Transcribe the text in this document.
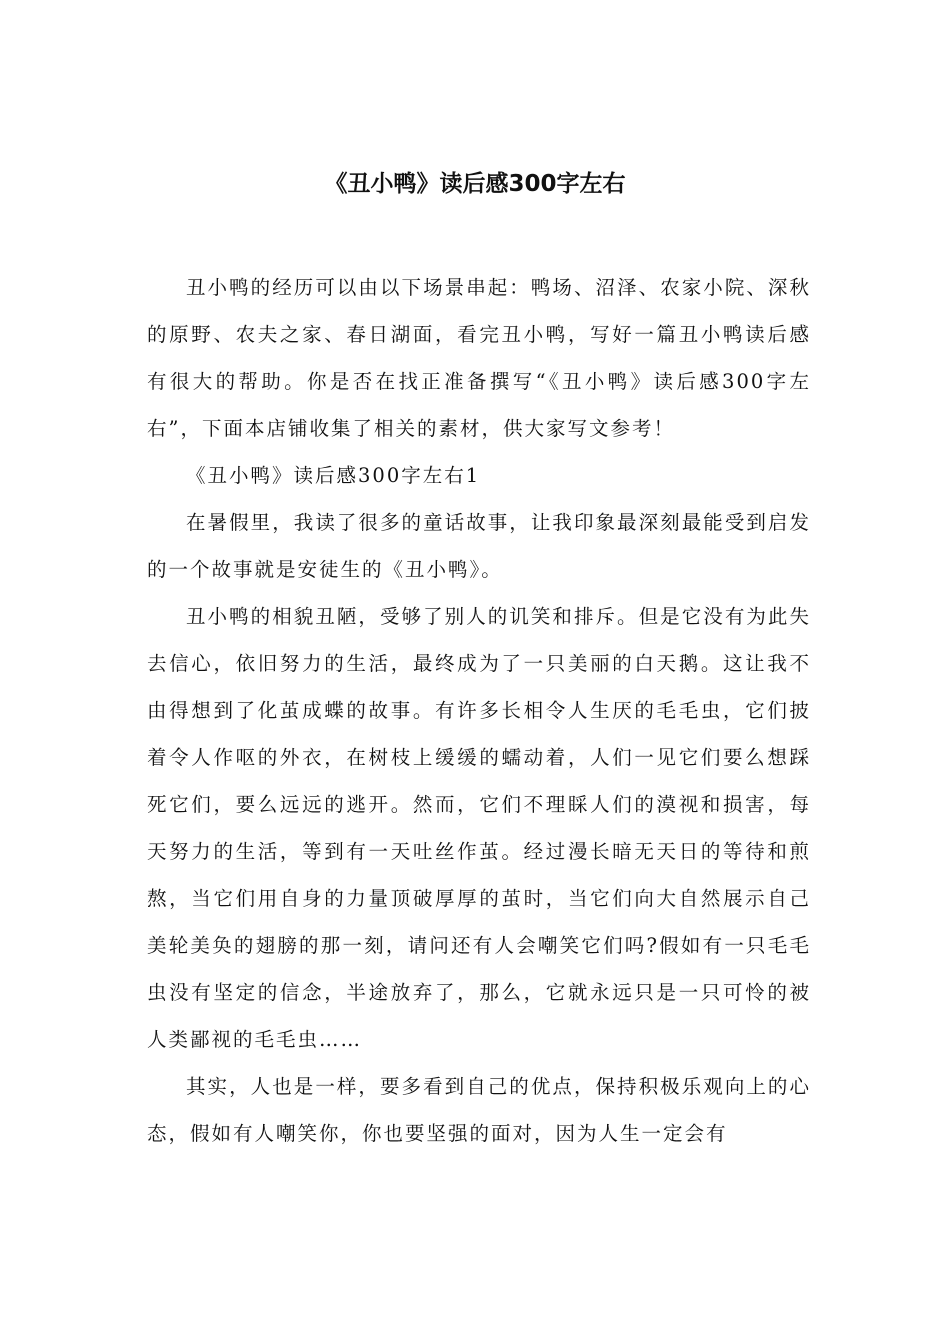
《丑小鸭》读后感300字左右

丑小鸭的经历可以由以下场景串起：鸭场、沼泽、农家小院、深秋的原野、农夫之家、春日湖面，看完丑小鸭，写好一篇丑小鸭读后感有很大的帮助。你是否在找正准备撰写“《丑小鸭》读后感300字左右”，下面本店铺收集了相关的素材，供大家写文参考！

《丑小鸭》读后感300字左右1

在暑假里，我读了很多的童话故事，让我印象最深刻最能受到启发的一个故事就是安徒生的《丑小鸭》。

丑小鸭的相貌丑陋，受够了别人的讥笑和排斥。但是它没有为此失去信心，依旧努力的生活，最终成为了一只美丽的白天鹅。这让我不由得想到了化茧成蝶的故事。有许多长相令人生厌的毛毛虫，它们披着令人作呕的外衣，在树枝上缓缓的蠕动着，人们一见它们要么想踩死它们，要么远远的逃开。然而，它们不理睬人们的漠视和损害，每天努力的生活，等到有一天吐丝作茧。经过漫长暗无天日的等待和煎熬，当它们用自身的力量顶破厚厚的茧时，当它们向大自然展示自己美轮美奂的翅膀的那一刻，请问还有人会嘲笑它们吗?假如有一只毛毛虫没有坚定的信念，半途放弃了，那么，它就永远只是一只可怜的被人类鄙视的毛毛虫……

其实，人也是一样，要多看到自己的优点，保持积极乐观向上的心态，假如有人嘲笑你，你也要坚强的面对，因为人生一定会有
